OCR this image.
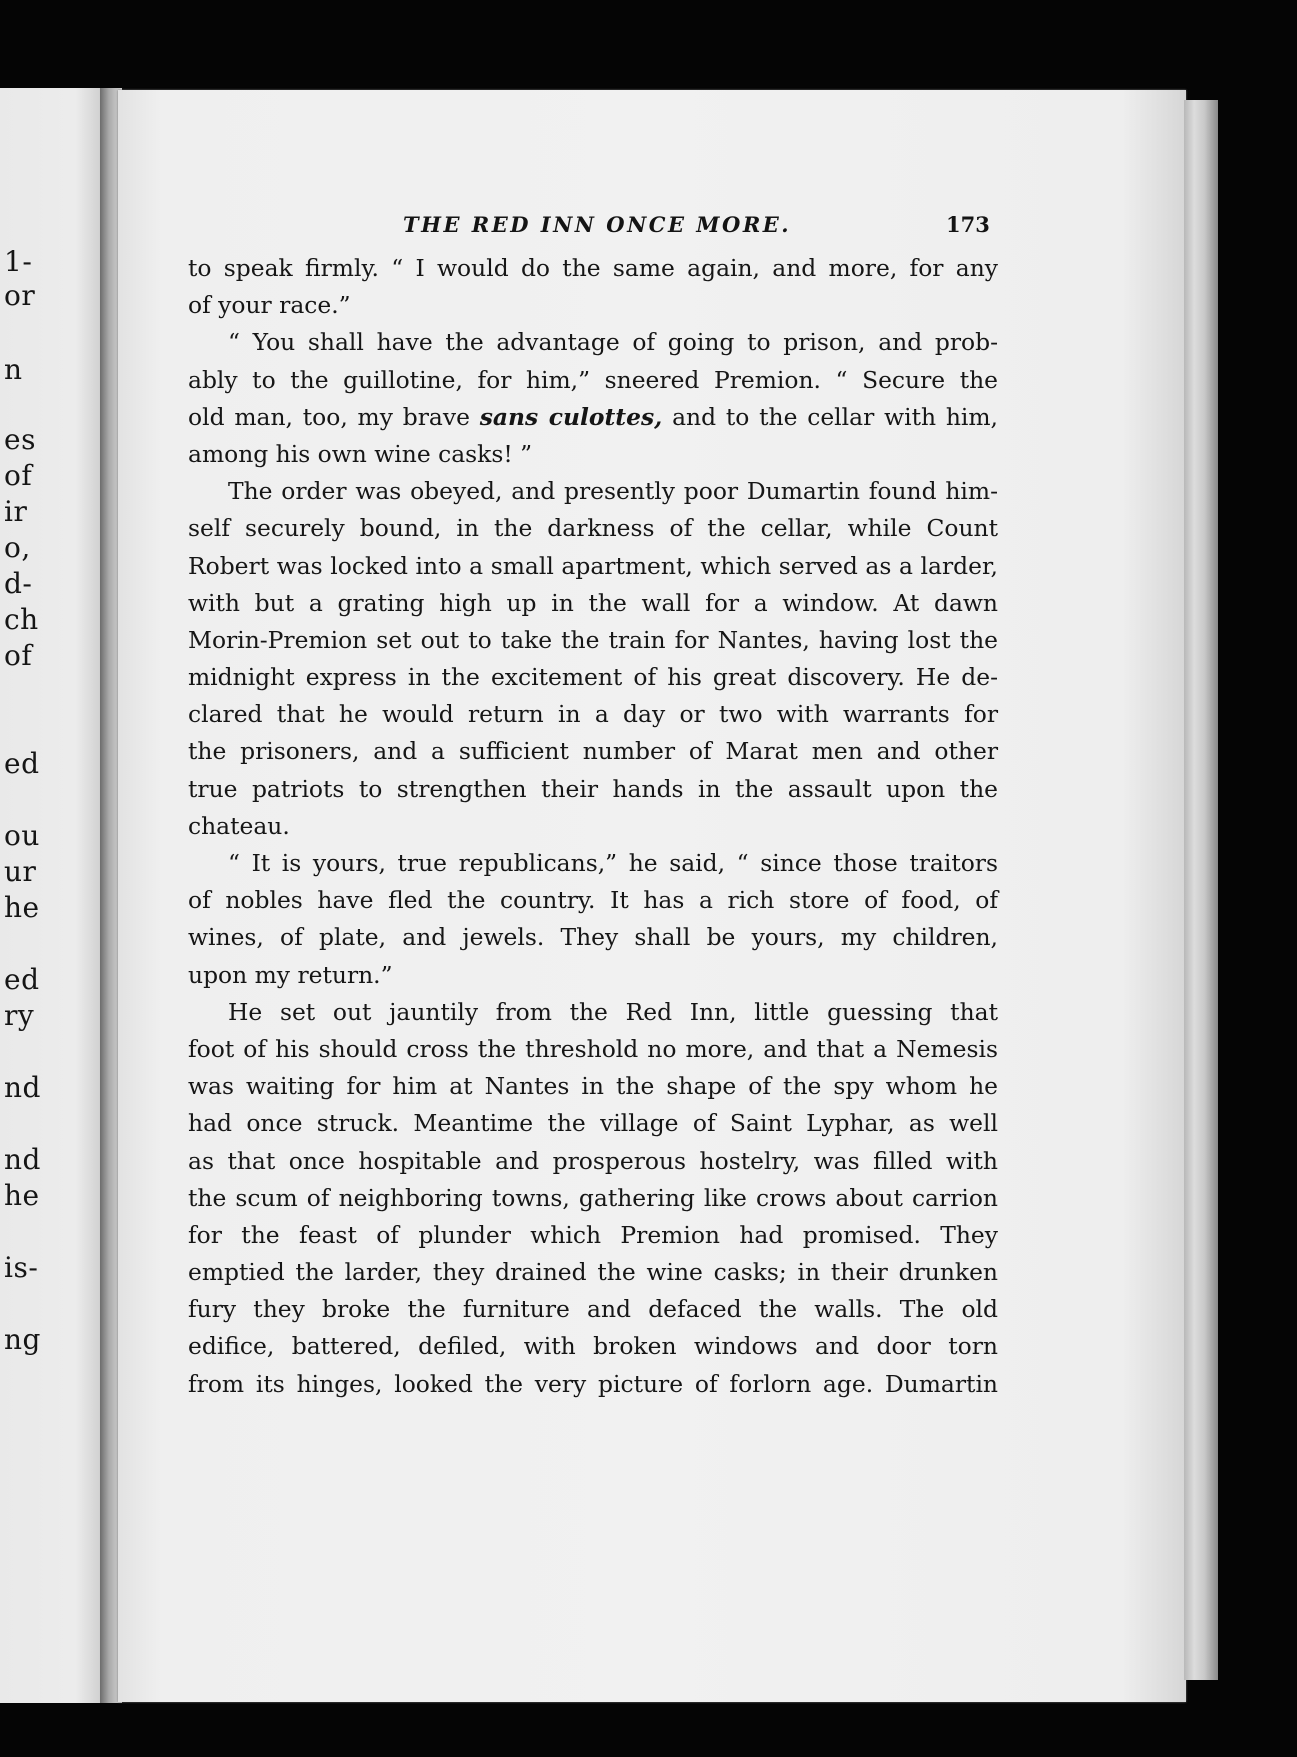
1-
or
n
es
of
ir
o,
d-
ch
of
ed
ou
ur
he
ed
ry
nd
nd
he
is-
ng
THE RED INN ONCE MORE.	173
to speak firmly. “ I would do the same again, and more, for any
of your race.”
“ You shall have the advantage of going to prison, and prob-
ably to the guillotine, for him,” sneered Premion. “ Secure the
old man, too, my brave sans culottes, and to the cellar with him,
among his own wine casks! ”
The order was obeyed, and presently poor Dumartin found him-
self securely bound, in the darkness of the cellar, while Count
Robert was locked into a small apartment, which served as a larder,
with but a grating high up in the wall for a window. At dawn
Morin-Premion set out to take the train for Nantes, having lost the
midnight express in the excitement of his great discovery. He de-
clared that he would return in a day or two with warrants for
the prisoners, and a sufficient number of Marat men and other
true patriots to strengthen their hands in the assault upon the
chateau.
“ It is yours, true republicans,” he said, “ since those traitors
of nobles have fled the country. It has a rich store of food, of
wines, of plate, and jewels. They shall be yours, my children,
upon my return.”
He set out jauntily from the Red Inn, little guessing that
foot of his should cross the threshold no more, and that a Nemesis
was waiting for him at Nantes in the shape of the spy whom he
had once struck. Meantime the village of Saint Lyphar, as well
as that once hospitable and prosperous hostelry, was filled with
the scum of neighboring towns, gathering like crows about carrion
for the feast of plunder which Premion had promised. They
emptied the larder, they drained the wine casks; in their drunken
fury they broke the furniture and defaced the walls. The old
edifice, battered, defiled, with broken windows and door torn
from its hinges, looked the very picture of forlorn age. Dumartin
